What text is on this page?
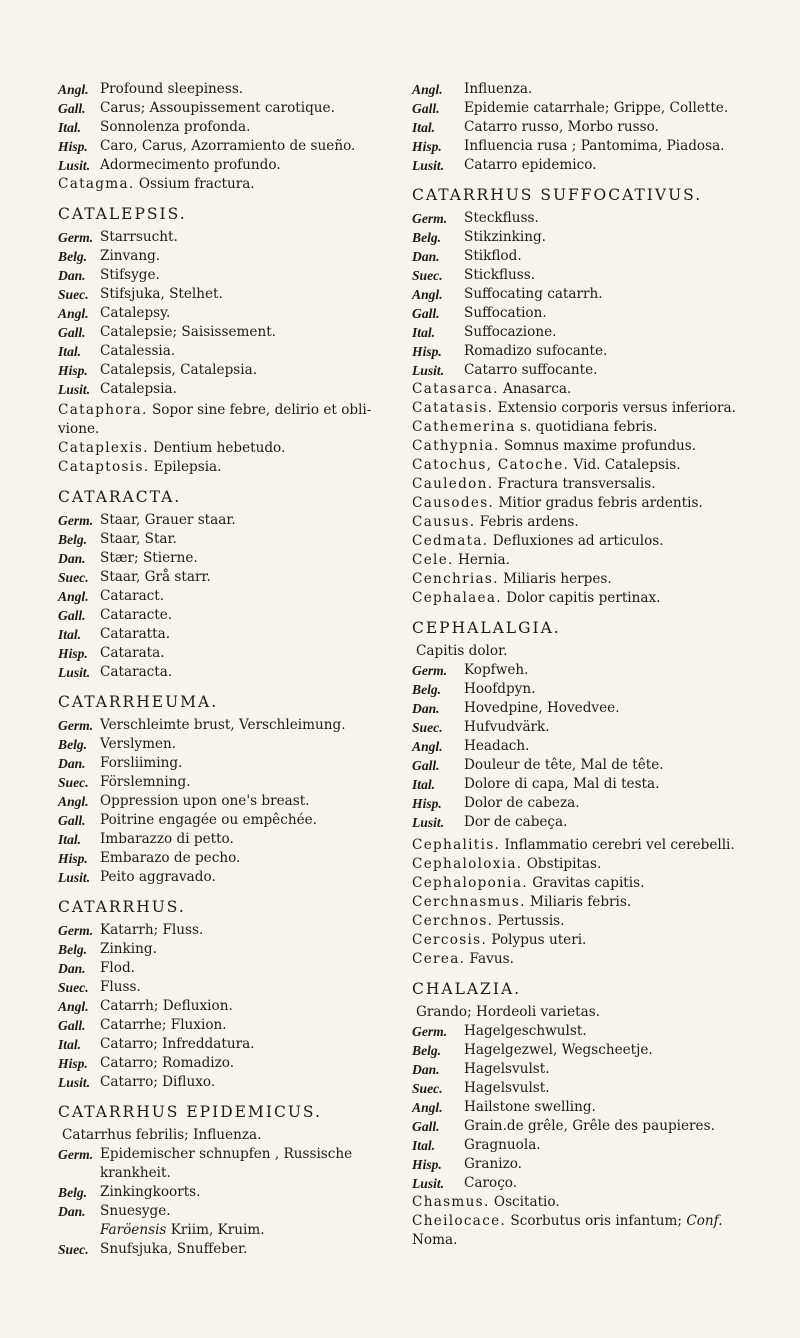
Angl. Profound sleepiness.
Gall.	Carus; Assoupissement carotique.
Ital.	Sonnolenza profonda.
Hisp. Caro, Carus, Azorramiento de sueño.
Lusit. Adormecimento profundo.
Catagma. Ossium fractura.
CATALEPSIS.
Germ. Starrsucht.
Belg. Zinvang.
Dan.	Stifsyge.
Suec. Stifsjuka, Stelhet.
Angl. Catalepsy.
Gall.	Catalepsie; Saisissement.
Ital.	Catalessia.
Hisp. Catalepsis, Catalepsia.
Lusit. Catalepsia.
Cataphora. Sopor sine febre, delirio et obli- vione.
Cataplexis. Dentium hebetudo.
Cataptosis. Epilepsia.
CATARACTA.
Germ. Staar, Grauer staar.
Belg. Staar, Star.
Dan.	Stær; Stierne.
Suec. Staar, Grå starr.
Angl. Cataract.
Gall.	Cataracte.
Ital.	Cataratta.
Hisp. Catarata.
Lusit. Cataracta.
CATARRHEUMA.
Germ. Verschleimte brust, Verschleimung.
Belg. Verslymen.
Dan.	Forsliiming.
Suec. Förslemning.
Angl. Oppression upon one's breast.
Gall.	Poitrine engagée ou empêchée.
Ital.	Imbarazzo di petto.
Hisp. Embarazo de pecho.
Lusit. Peito aggravado.
CATARRHUS.
Germ. Katarrh; Fluss.
Belg. Zinking.
Dan.	Flod.
Suec. Fluss.
Angl. Catarrh; Defluxion.
Gall.	Catarrhe; Fluxion.
Ital.	Catarro; Infreddatura.
Hisp. Catarro; Romadizo.
Lusit. Catarro; Difluxo.
CATARRHUS EPIDEMICUS.
Catarrhus febrilis; Influenza.
Germ. Epidemischer schnupfen , Russische krankheit.
Belg. Zinkingkoorts.
Dan.	Snuesyge.
Faröensis Kriim, Kruim.
Suec. Snufsjuka, Snuffeber.
Angl.	Influenza.
Gall.	Epidemie catarrhale; Grippe, Collette.
Ital.	Catarro russo, Morbo russo.
Hisp.	Influencia rusa ; Pantomima, Piadosa.
Lusit.	Catarro epidemico.
CATARRHUS SUFFOCATIVUS.
Germ.	Steckfluss.
Belg.	Stikzinking.
Dan.	Stikflod.
Suec.	Stickfluss.
Angl.	Suffocating catarrh.
Gall.	Suffocation.
Ital.	Suffocazione.
Hisp.	Romadizo sufocante.
Lusit.	Catarro suffocante.
Catasarca. Anasarca.
Catatasis. Extensio corporis versus inferiora.
Cathemerina s. quotidiana febris.
Cathypnia. Somnus maxime profundus.
Catochus, Catoche. Vid. Catalepsis.
Cauledon. Fractura transversalis.
Causodes. Mitior gradus febris ardentis.
Causus. Febris ardens.
Cedmata. Defluxiones ad articulos.
Cele. Hernia.
Cenchrias. Miliaris herpes.
Cephalaea. Dolor capitis pertinax.
CEPHALALGIA.
Capitis dolor.
Germ.	Kopfweh.
Belg.	Hoofdpyn.
Dan.	Hovedpine, Hovedvee.
Suec.	Hufvudvärk.
Angl.	Headach.
Gall.	Douleur de tête, Mal de tête.
Ital.	Dolore di capa, Mal di testa.
Hisp.	Dolor de cabeza.
Lusit.	Dor de cabeça.
Cephalitis. Inflammatio cerebri vel cerebelli.
Cephaloloxia. Obstipitas.
Cephaloponia. Gravitas capitis.
Cerchnasmus. Miliaris febris.
Cerchnos. Pertussis.
Cercosis. Polypus uteri.
Cerea. Favus.
CHALAZIA.
Grando; Hordeoli varietas.
Germ.	Hagelgeschwulst.
Belg.	Hagelgezwel, Wegscheetje.
Dan.	Hagelsvulst.
Suec.	Hagelsvulst.
Angl.	Hailstone swelling.
Gall.	Grain.de grêle, Grêle des paupieres.
Ital.	Gragnuola.
Hisp.	Granizo.
Lusit.	Caroço.
Chasmus. Oscitatio.
Cheilocace. Scorbutus oris infantum; Conf.
Noma.
